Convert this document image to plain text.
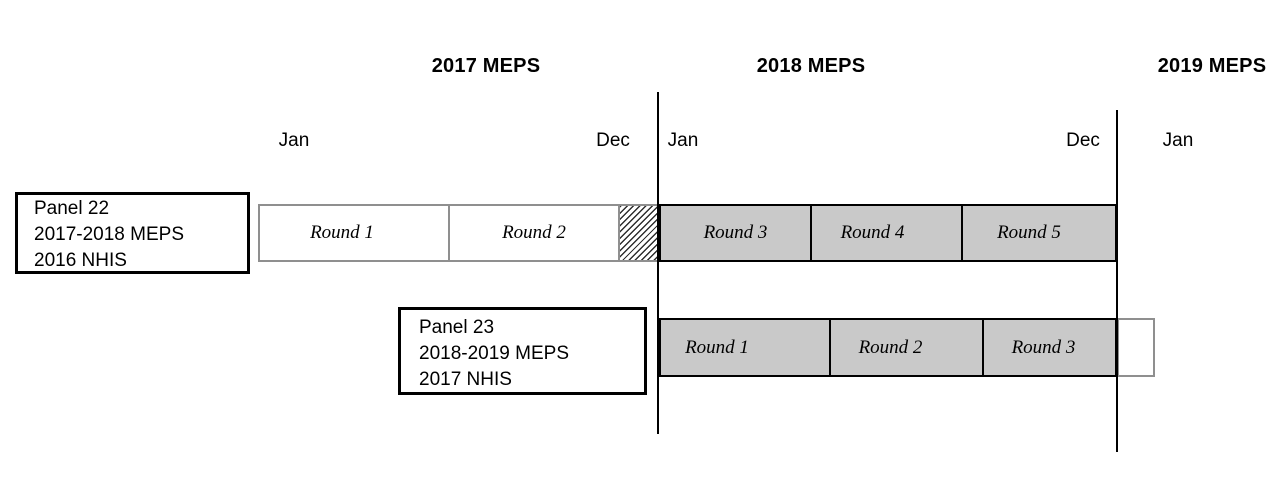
2017 MEPS	2018 MEPS	2019 MEPS
Jan	Dec Jan	Dec	Jan
Panel 22
2017-2018 MEPS
2016 NHIS
Round 1	Round 2	Round 3	Round 4	Round 5
Panel 23
2018-2019 MEPS
2017 NHIS
Round 1	Round 2	Round 3
